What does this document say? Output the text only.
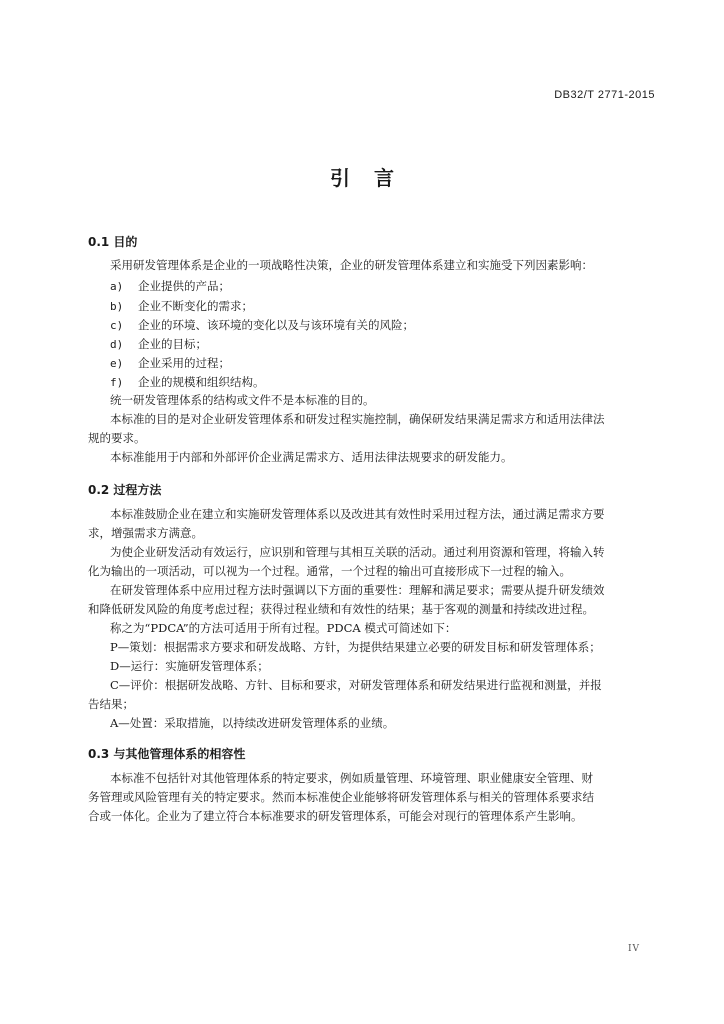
DB32/T 2771-2015
引言
0.1 目的
采用研发管理体系是企业的一项战略性决策，企业的研发管理体系建立和实施受下列因素影响：
a) 企业提供的产品；
b) 企业不断变化的需求；
c) 企业的环境、该环境的变化以及与该环境有关的风险；
d) 企业的目标；
e) 企业采用的过程；
f) 企业的规模和组织结构。
统一研发管理体系的结构或文件不是本标准的目的。
本标准的目的是对企业研发管理体系和研发过程实施控制，确保研发结果满足需求方和适用法律法
规的要求。
本标准能用于内部和外部评价企业满足需求方、适用法律法规要求的研发能力。
0.2 过程方法
本标准鼓励企业在建立和实施研发管理体系以及改进其有效性时采用过程方法，通过满足需求方要
求，增强需求方满意。
为使企业研发活动有效运行，应识别和管理与其相互关联的活动。通过利用资源和管理，将输入转
化为输出的一项活动，可以视为一个过程。通常，一个过程的输出可直接形成下一过程的输入。
在研发管理体系中应用过程方法时强调以下方面的重要性：理解和满足要求；需要从提升研发绩效
和降低研发风险的角度考虑过程；获得过程业绩和有效性的结果；基于客观的测量和持续改进过程。
称之为“PDCA”的方法可适用于所有过程。PDCA 模式可简述如下：
P—策划：根据需求方要求和研发战略、方针，为提供结果建立必要的研发目标和研发管理体系；
D—运行：实施研发管理体系；
C—评价：根据研发战略、方针、目标和要求，对研发管理体系和研发结果进行监视和测量，并报
告结果；
A—处置：采取措施，以持续改进研发管理体系的业绩。
0.3 与其他管理体系的相容性
本标准不包括针对其他管理体系的特定要求，例如质量管理、环境管理、职业健康安全管理、财
务管理或风险管理有关的特定要求。然而本标准使企业能够将研发管理体系与相关的管理体系要求结
合或一体化。企业为了建立符合本标准要求的研发管理体系，可能会对现行的管理体系产生影响。
IV
